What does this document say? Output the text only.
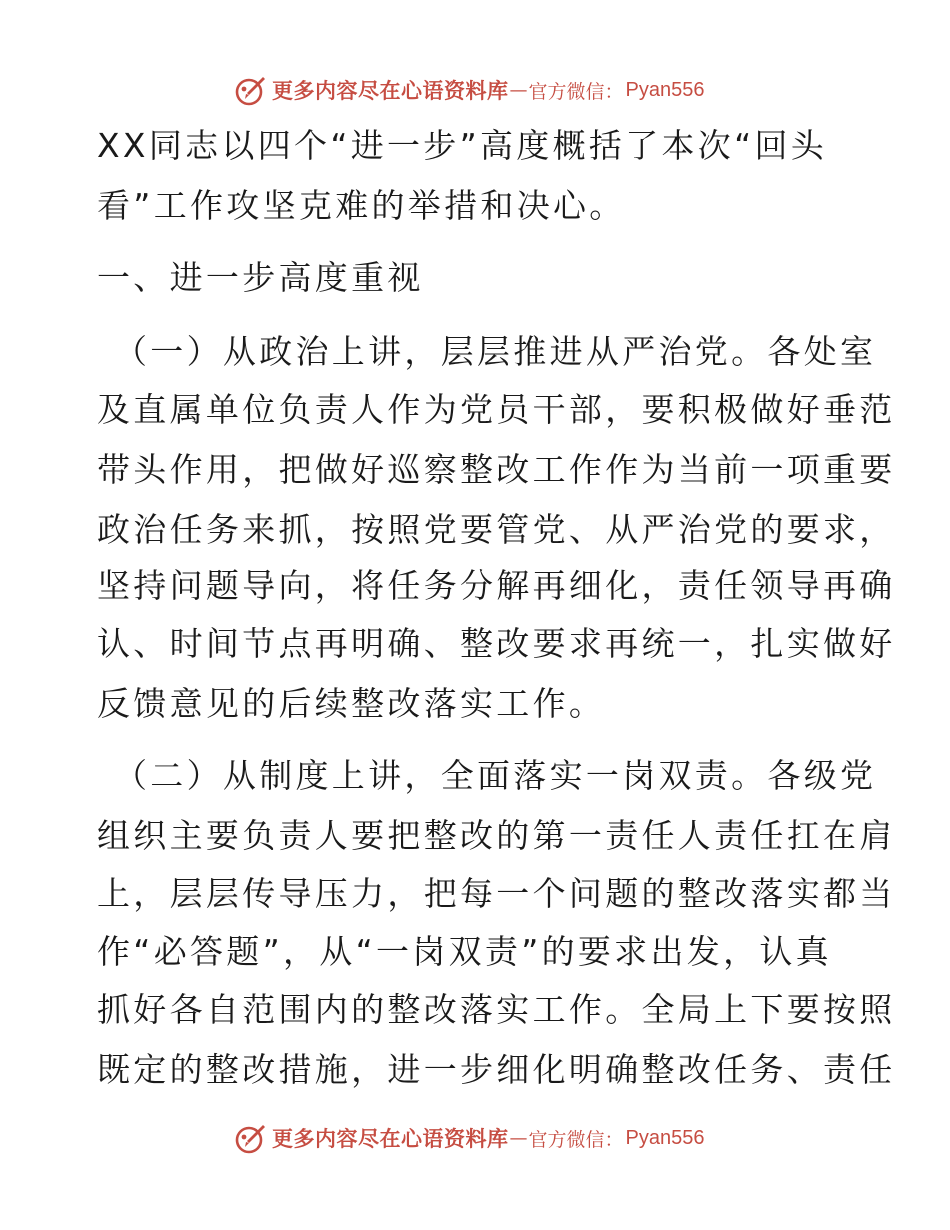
更多内容尽在心语资料库 — 官方微信： Pyan556
XX同志以四个“进一步”高度概括了本次“回头
看”工作攻坚克难的举措和决心。
一、进一步高度重视
（一）从政治上讲，层层推进从严治党。各处室
及直属单位负责人作为党员干部，要积极做好垂范
带头作用，把做好巡察整改工作作为当前一项重要
政治任务来抓，按照党要管党、从严治党的要求，
坚持问题导向，将任务分解再细化，责任领导再确
认、时间节点再明确、整改要求再统一，扎实做好
反馈意见的后续整改落实工作。
（二）从制度上讲，全面落实一岗双责。各级党
组织主要负责人要把整改的第一责任人责任扛在肩
上，层层传导压力，把每一个问题的整改落实都当
作“必答题”，从“一岗双责”的要求出发，认真
抓好各自范围内的整改落实工作。全局上下要按照
既定的整改措施，进一步细化明确整改任务、责任
更多内容尽在心语资料库 — 官方微信： Pyan556
